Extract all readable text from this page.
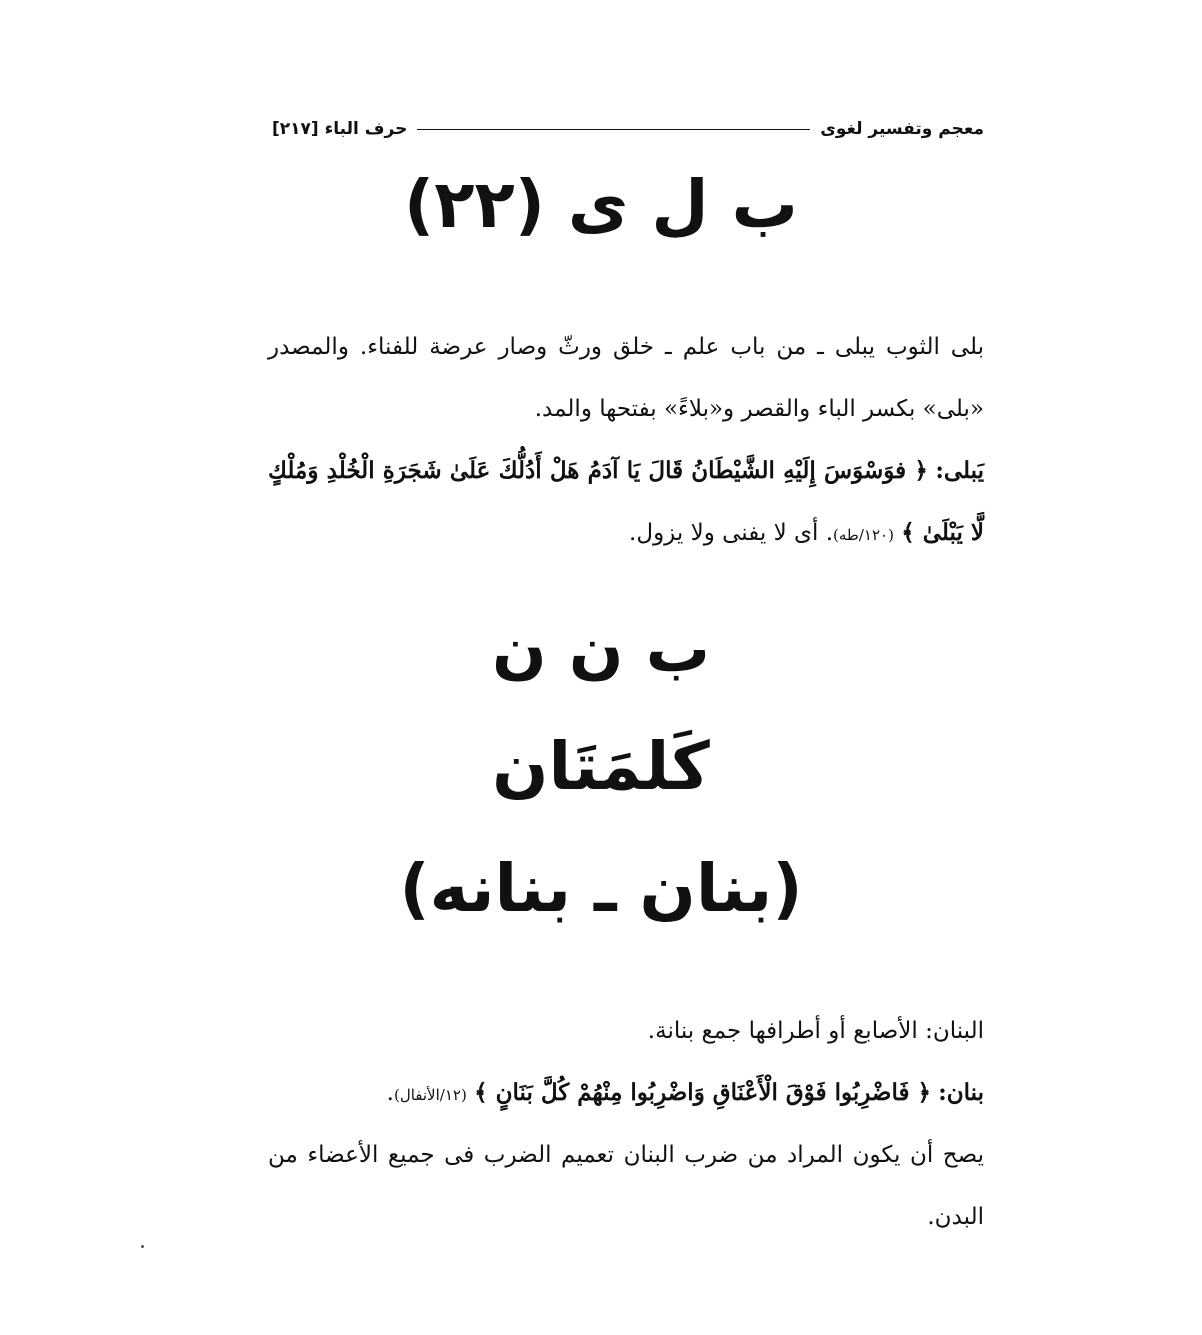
معجم وتفسير لغوى
حرف الباء [٢١٧]
ب ل ى (٢٢)

بلى الثوب يبلى ـ من باب علم ـ خلق ورثّ وصار عرضة للفناء. والمصدر «بلى» بكسر الباء والقصر و«بلاءً» بفتحها والمد.

يَبلى: ﴿ فوَسْوَسَ إِلَيْهِ الشَّيْطَانُ قَالَ يَا آدَمُ هَلْ أَدُلُّكَ عَلَىٰ شَجَرَةِ الْخُلْدِ وَمُلْكٍ لَّا يَبْلَىٰ ﴾ (١٢٠/طه). أى لا يفنى ولا يزول.

ب ن ن
كَلمَتَان
(بنان ـ بنانه)

البنان: الأصابع أو أطرافها جمع بنانة.

بنان: ﴿ فَاضْرِبُوا فَوْقَ الْأَعْنَاقِ وَاضْرِبُوا مِنْهُمْ كُلَّ بَنَانٍ ﴾ (١٢/الأنفال).

يصح أن يكون المراد من ضرب البنان تعميم الضرب فى جميع الأعضاء من البدن.
